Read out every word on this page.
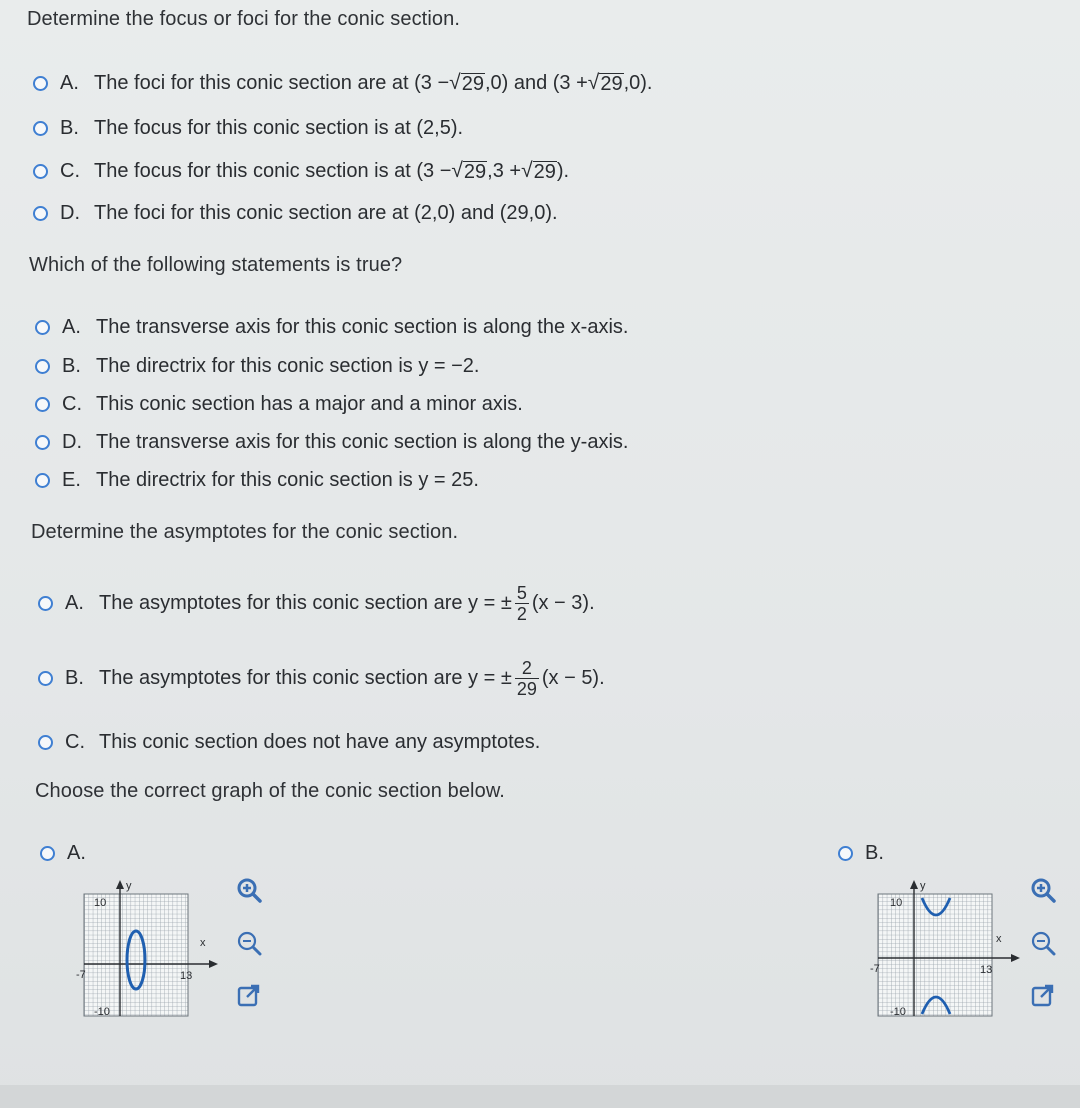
Determine the focus or foci for the conic section.
A. The foci for this conic section are at (3 − √ 29 ,0) and (3 + √ 29 ,0).
B. The focus for this conic section is at (2,5).
C. The focus for this conic section is at (3 − √ 29 ,3 + √ 29 ).
D. The foci for this conic section are at (2,0) and (29,0).
Which of the following statements is true?
A. The transverse axis for this conic section is along the x-axis.
B. The directrix for this conic section is y = −2.
C. This conic section has a major and a minor axis.
D. The transverse axis for this conic section is along the y-axis.
E. The directrix for this conic section is y = 25.
Determine the asymptotes for the conic section.
A. The asymptotes for this conic section are y = ± $\frac{5}{2} (x - 3)$.
B. The asymptotes for this conic section are y = ± $\frac{2}{29} (x - 5)$.
C. This conic section does not have any asymptotes.
Choose the correct graph of the conic section below.
A.	B.
y
x
10
-10
-7	13
y
x
10
-10
-7	13
